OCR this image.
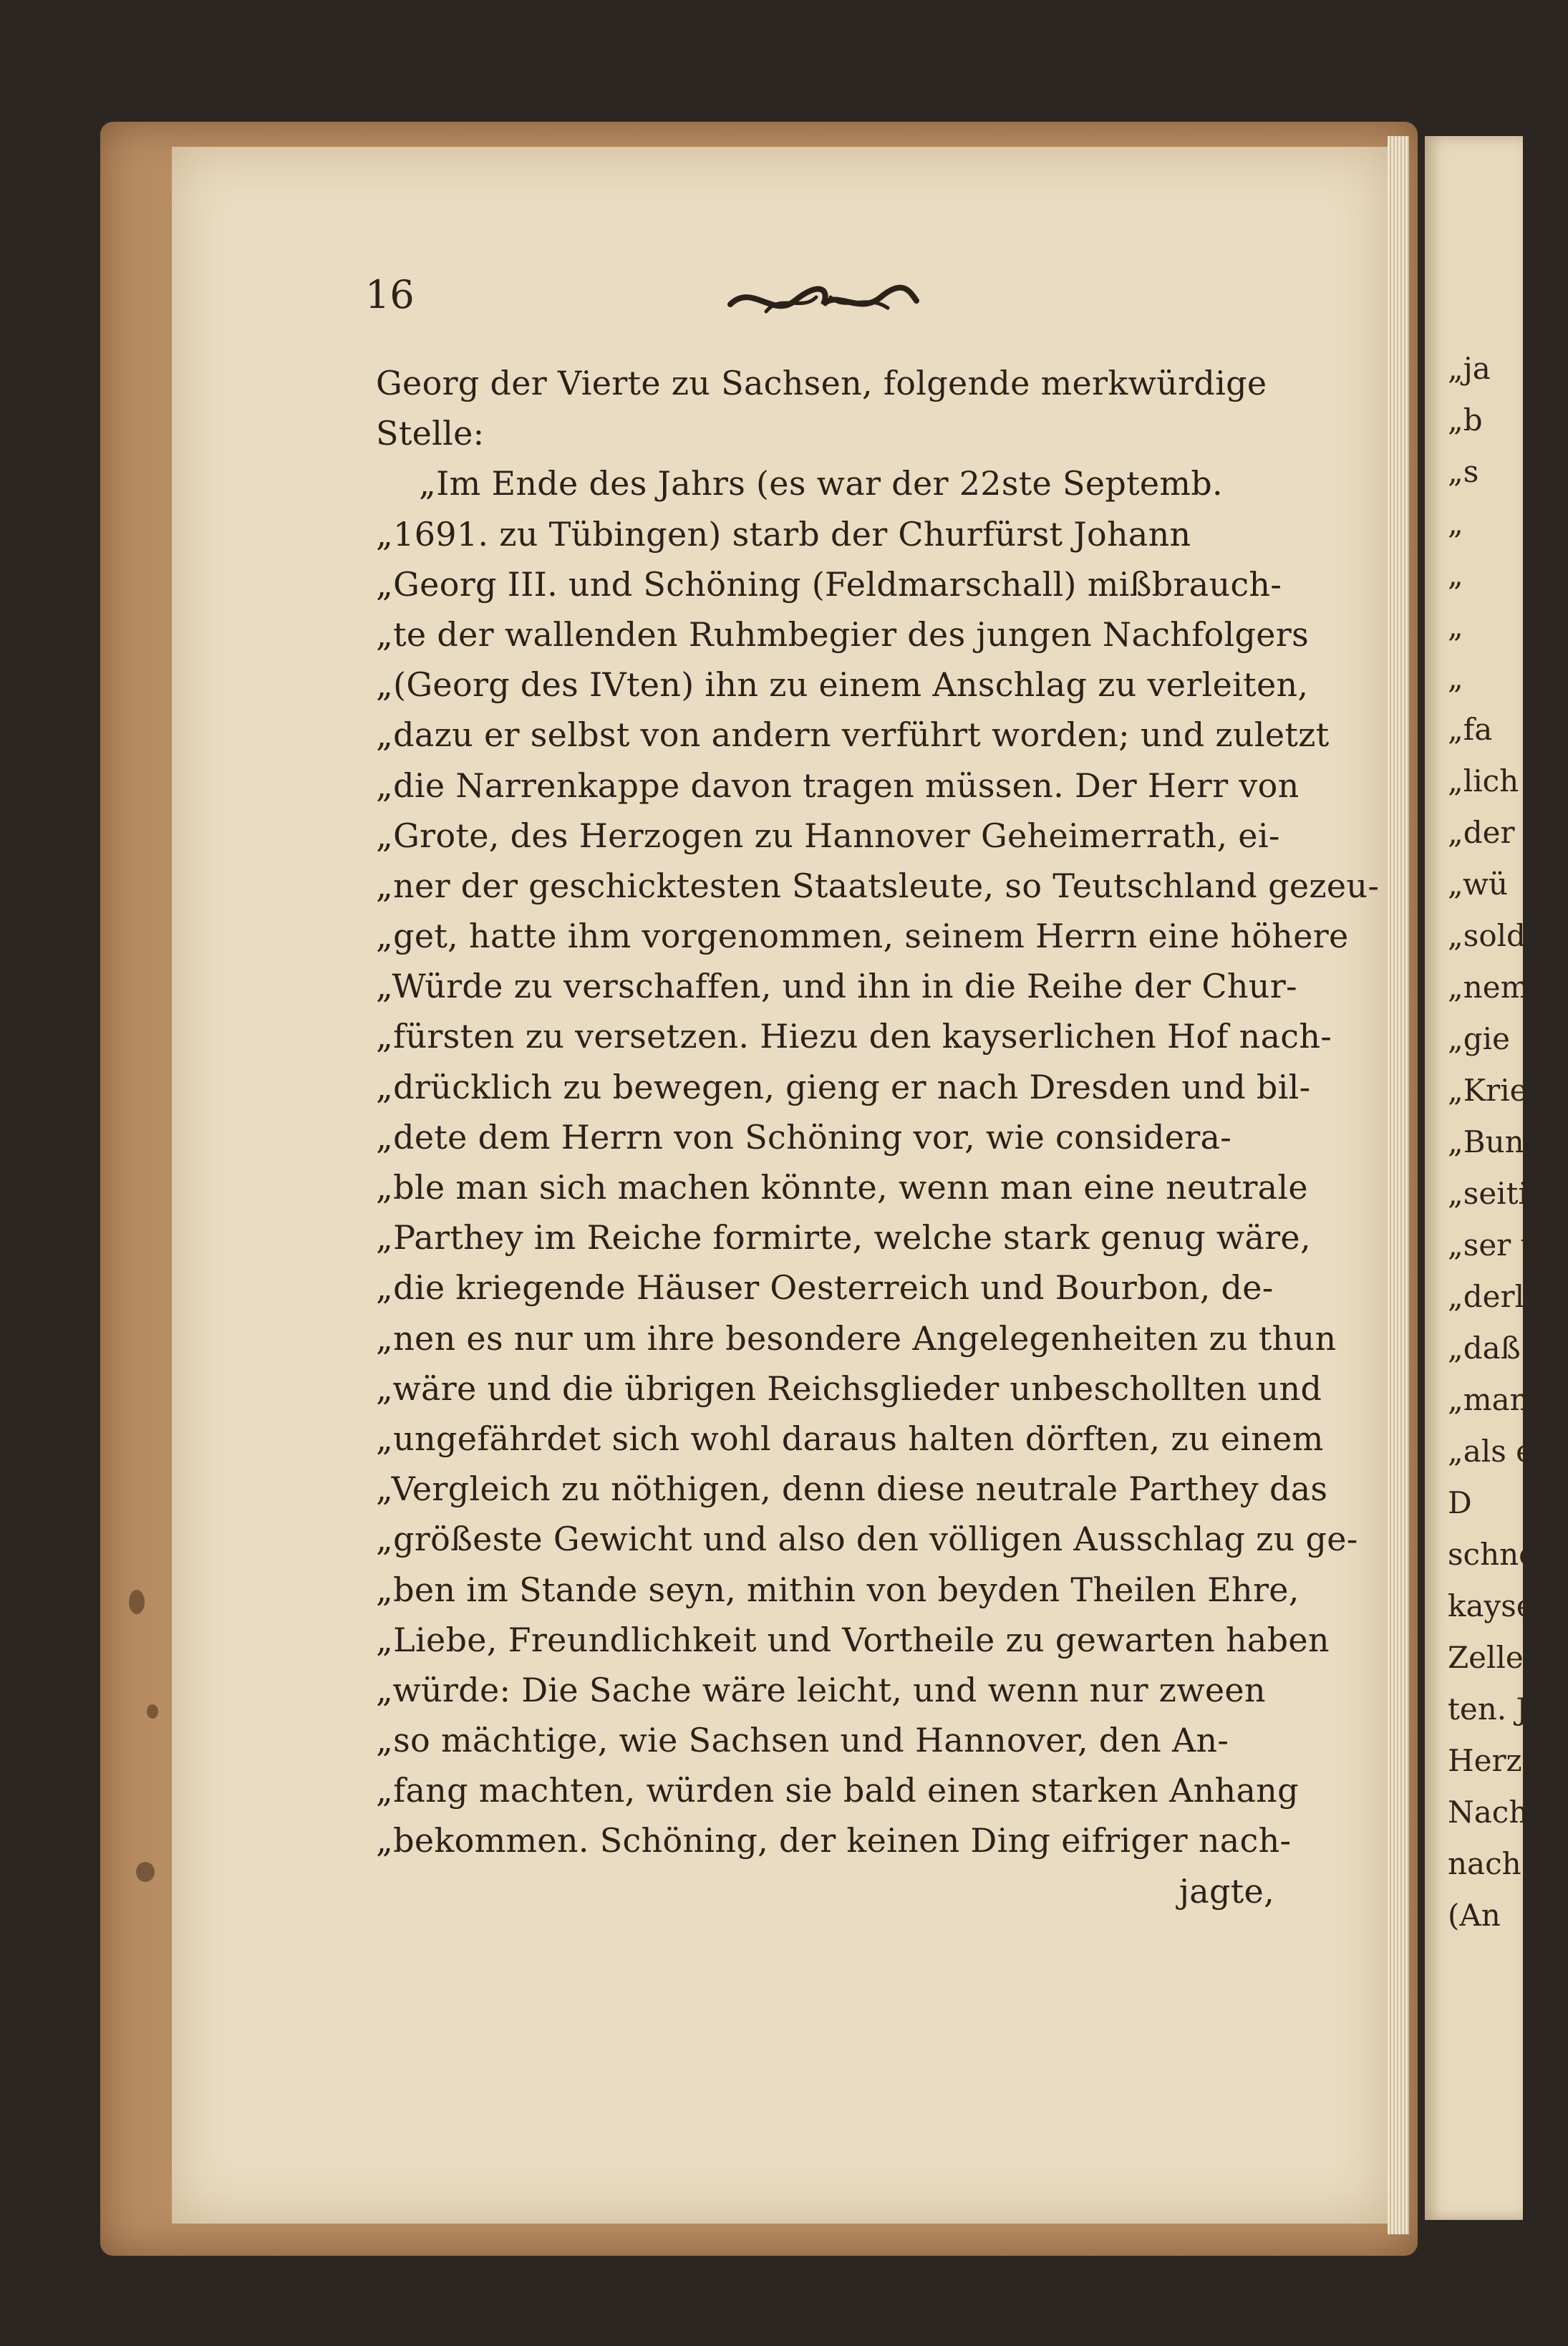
„ja
„b
„s
„
„
„
„
„fa
„lich
„der
„wü
„sold
„nem
„gie
„Krie
„Bun
„seitig
„ser u
„derlic
„daß
„mand
„als ei
D
schnell,
kayserli
Zelle
ten. J
Herzog
Nach
nach
(An
16
Georg der Vierte zu Sachsen, folgende merkwürdige
Stelle:
„Im Ende des Jahrs (es war der 22ste Septemb.
„1691. zu Tübingen) starb der Churfürst Johann
„Georg III. und Schöning (Feldmarschall) mißbrauch-
„te der wallenden Ruhmbegier des jungen Nachfolgers
„(Georg des IVten) ihn zu einem Anschlag zu verleiten,
„dazu er selbst von andern verführt worden; und zuletzt
„die Narrenkappe davon tragen müssen. Der Herr von
„Grote, des Herzogen zu Hannover Geheimerrath, ei-
„ner der geschicktesten Staatsleute, so Teutschland gezeu-
„get, hatte ihm vorgenommen, seinem Herrn eine höhere
„Würde zu verschaffen, und ihn in die Reihe der Chur-
„fürsten zu versetzen. Hiezu den kayserlichen Hof nach-
„drücklich zu bewegen, gieng er nach Dresden und bil-
„dete dem Herrn von Schöning vor, wie considera-
„ble man sich machen könnte, wenn man eine neutrale
„Parthey im Reiche formirte, welche stark genug wäre,
„die kriegende Häuser Oesterreich und Bourbon, de-
„nen es nur um ihre besondere Angelegenheiten zu thun
„wäre und die übrigen Reichsglieder unbeschollten und
„ungefährdet sich wohl daraus halten dörften, zu einem
„Vergleich zu nöthigen, denn diese neutrale Parthey das
„größeste Gewicht und also den völligen Ausschlag zu ge-
„ben im Stande seyn, mithin von beyden Theilen Ehre,
„Liebe, Freundlichkeit und Vortheile zu gewarten haben
„würde: Die Sache wäre leicht, und wenn nur zween
„so mächtige, wie Sachsen und Hannover, den An-
„fang machten, würden sie bald einen starken Anhang
„bekommen. Schöning, der keinen Ding eifriger nach-
jagte,
